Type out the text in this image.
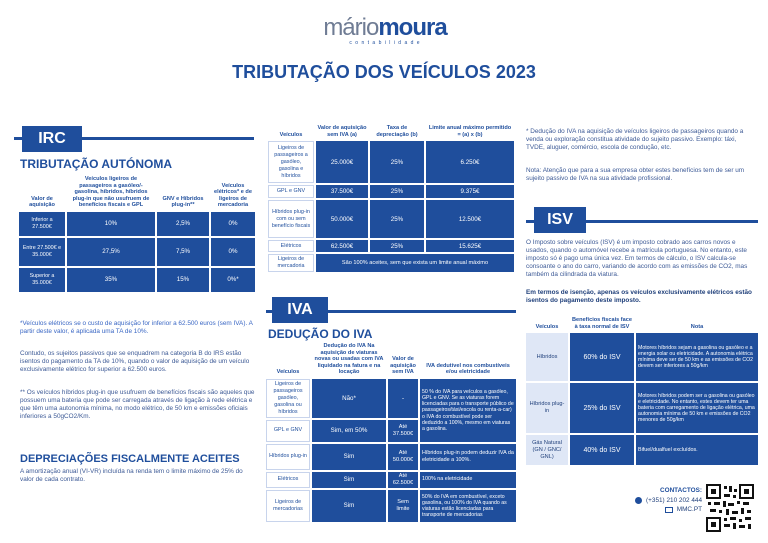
máriomoura
c o n t a b i l i d a d e
TRIBUTAÇÃO DOS VEÍCULOS 2023
IRC
TRIBUTAÇÃO AUTÓNOMA
Valor de aquisição	Veículos ligeiros de passageiros a gasóleo/-gasolina, híbridos, híbridos plug-in que não usufruem de benefícios fiscais e GPL	GNV e Híbridos plug-in**	Veículos elétricos* e de ligeiros de mercadoria
Inferior a 27.500€	10%	2,5%	0%
Entre 27.500€ e 35.000€	27,5%	7,5%	0%
Superior a 35.000€	35%	15%	0%*
*Veículos elétricos se o custo de aquisição for inferior a 62.500 euros (sem IVA). A partir deste valor, é aplicada uma TA de 10%.
Contudo, os sujeitos passivos que se enquadrem na categoria B do IRS estão isentos do pagamento da TA de 10%, quando o valor de aquisição de um veículo exclusivamente elétrico for superior a 62.500 euros.
** Os veículos híbridos plug-in que usufruem de benefícios fiscais são aqueles que possuem uma bateria que pode ser carregada através de ligação à rede elétrica e que têm uma autonomia mínima, no modo elétrico, de 50 km e emissões oficiais inferiores a 50gCO2/Km.
DEPRECIAÇÕES FISCALMENTE ACEITES
A amortização anual (VI-VR) incluída na renda tem o limite máximo de 25% do valor de cada contrato.
Veículos	Valor de aquisição sem IVA (a)	Taxa de depreciação (b)	Limite anual máximo permitido = (a) x (b)
Ligeiros de passageiros a gasóleo, gasolina e híbridos	25.000€	25%	6.250€
GPL e GNV	37.500€	25%	9.375€
Híbridos plug-in com ou sem benefício fiscais	50.000€	25%	12.500€
Elétricos	62.500€	25%	15.625€
Ligeiros de mercadoria	São 100% aceites, sem que exista um limite anual máximo		
IVA
DEDUÇÃO DO IVA
Veículos	Dedução do IVA Na aquisição de viaturas novas ou usadas com IVA liquidado na fatura e na locação	Valor de aquisição sem IVA	IVA dedutível nos combustíveis e/ou eletricidade
Ligeiros de passageiros gasóleo, gasolina ou híbridos	Não*	-	50 % do IVA para veículos a gasóleo, GPL e GNV. Se as viaturas forem licenciadas para o transporte público de passageiros/táxi/escola ou renta-a-car) o IVA do combustível pode ser deduzido a 100%, mesmo em viaturas a gasolina.
GPL e GNV	Sim, em 50%	Até 37.500€	
Híbridos plug-in	Sim	Até 50.000€	Híbridos plug-in podem deduzir IVA da eletricidade a 100%.
Elétricos	Sim	Até 62.500€	100% na eletricidade
Ligeiros de mercadorias	Sim	Sem limite	50% do IVA em combustível, exceto gasolina, ou 100% do IVA quando as viaturas estão licenciadas para transporte de mercadorias
* Dedução do IVA na aquisição de veículos ligeiros de passageiros quando a venda ou exploração constitua atividade do sujeito passivo. Exemplo: táxi, TVDE, aluguer, comércio, escola de condução, etc.
Nota: Atenção que para a sua empresa obter estes benefícios tem de ser um sujeito passivo de IVA na sua atividade profissional.
ISV
O Imposto sobre veículos (ISV) é um imposto cobrado aos carros novos e usados, quando o automóvel recebe a matrícula portuguesa. No entanto, este imposto só é pago uma única vez. Em termos de cálculo, o ISV calcula-se consoante o ano do carro, variando de acordo com as emissões de CO2, mas também da cilindrada da viatura.
Em termos de isenção, apenas os veículos exclusivamente elétricos estão isentos do pagamento deste imposto.
Veículos	Benefícios fiscais face à taxa normal de ISV	Nota
Híbridos	60% do ISV	Motores híbridos sejam a gasolina ou gasóleo e a energia solar ou eletricidade. A autonomia elétrica mínima deve ser de 50 km e as emissões de CO2 devem ser inferiores a 50g/km
Híbridos plug-in	25% do ISV	Motores híbridos podem ser a gasolina ou gasóleo e eletricidade. No entanto, estes devem ter uma bateria com carregamento de ligação elétrica, uma autonomia mínima de 50 km e emissões de CO2 menores de 50g/km
Gás Natural (GN / GNC/ GNL)	40% do ISV	Bifuel/dualfuel excluídos.
CONTACTOS:
(+351) 210 202 444
MMC.PT
